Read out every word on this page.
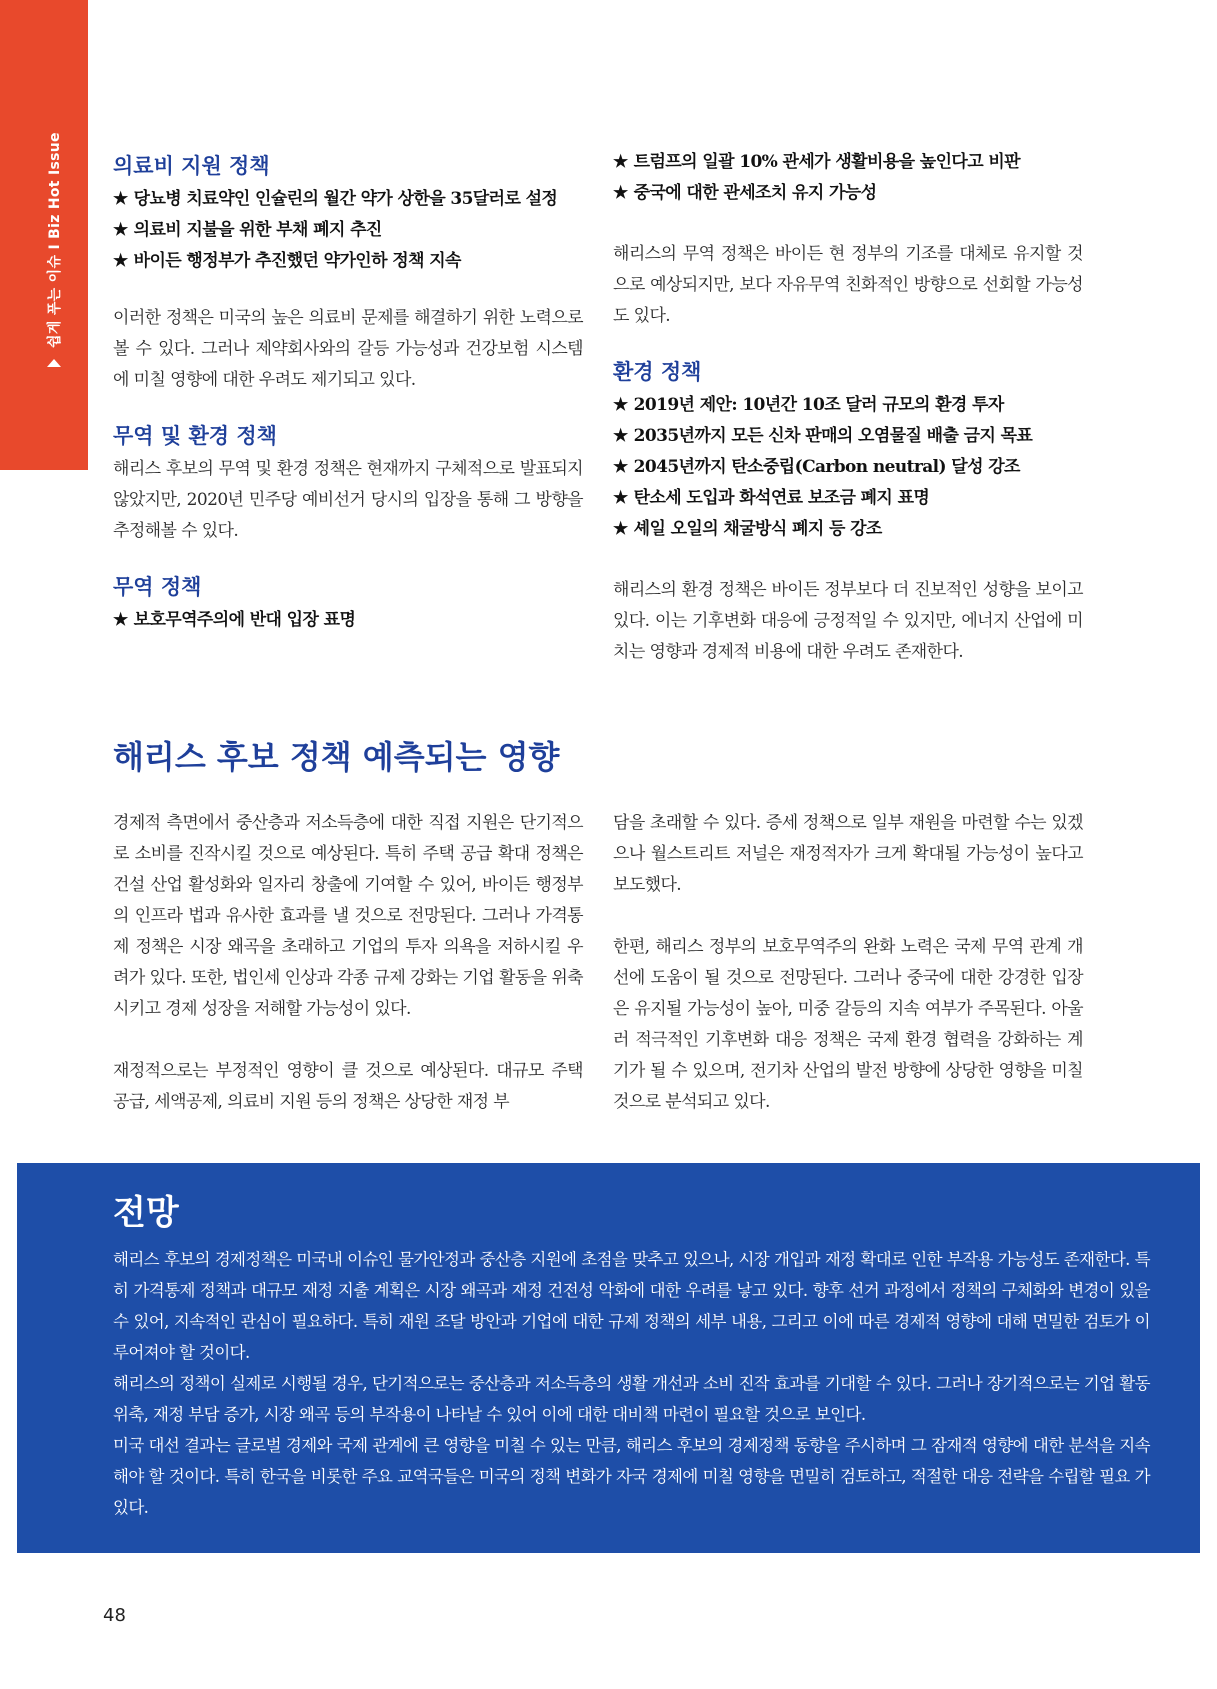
쉽게 푸는 이슈 I Biz Hot Issue 의료비 지원 정책
★ 당뇨병 치료약인 인슐린의 월간 약가 상한을 35달러로 설정
★ 의료비 지불을 위한 부채 폐지 추진
★ 바이든 행정부가 추진했던 약가인하 정책 지속

이러한 정책은 미국의 높은 의료비 문제를 해결하기 위한 노력으로 볼 수 있다. 그러나 제약회사와의 갈등 가능성과 건강보험 시스템에 미칠 영향에 대한 우려도 제기되고 있다.

무역 및 환경 정책

해리스 후보의 무역 및 환경 정책은 현재까지 구체적으로 발표되지 않았지만, 2020년 민주당 예비선거 당시의 입장을 통해 그 방향을 추정해볼 수 있다.

무역 정책
★ 보호무역주의에 반대 입장 표명
★ 트럼프의 일괄 10% 관세가 생활비용을 높인다고 비판
★ 중국에 대한 관세조치 유지 가능성

해리스의 무역 정책은 바이든 현 정부의 기조를 대체로 유지할 것으로 예상되지만, 보다 자유무역 친화적인 방향으로 선회할 가능성도 있다.

환경 정책
★ 2019년 제안: 10년간 10조 달러 규모의 환경 투자
★ 2035년까지 모든 신차 판매의 오염물질 배출 금지 목표
★ 2045년까지 탄소중립(Carbon neutral) 달성 강조
★ 탄소세 도입과 화석연료 보조금 폐지 표명
★ 셰일 오일의 채굴방식 폐지 등 강조

해리스의 환경 정책은 바이든 정부보다 더 진보적인 성향을 보이고 있다. 이는 기후변화 대응에 긍정적일 수 있지만, 에너지 산업에 미치는 영향과 경제적 비용에 대한 우려도 존재한다.

해리스 후보 정책 예측되는 영향

경제적 측면에서 중산층과 저소득층에 대한 직접 지원은 단기적으로 소비를 진작시킬 것으로 예상된다. 특히 주택 공급 확대 정책은 건설 산업 활성화와 일자리 창출에 기여할 수 있어, 바이든 행정부의 인프라 법과 유사한 효과를 낼 것으로 전망된다. 그러나 가격통제 정책은 시장 왜곡을 초래하고 기업의 투자 의욕을 저하시킬 우려가 있다. 또한, 법인세 인상과 각종 규제 강화는 기업 활동을 위축시키고 경제 성장을 저해할 가능성이 있다.

재정적으로는 부정적인 영향이 클 것으로 예상된다. 대규모 주택 공급, 세액공제, 의료비 지원 등의 정책은 상당한 재정 부

담을 초래할 수 있다. 증세 정책으로 일부 재원을 마련할 수는 있겠으나 월스트리트 저널은 재정적자가 크게 확대될 가능성이 높다고 보도했다.

한편, 해리스 정부의 보호무역주의 완화 노력은 국제 무역 관계 개선에 도움이 될 것으로 전망된다. 그러나 중국에 대한 강경한 입장은 유지될 가능성이 높아, 미중 갈등의 지속 여부가 주목된다. 아울러 적극적인 기후변화 대응 정책은 국제 환경 협력을 강화하는 계기가 될 수 있으며, 전기차 산업의 발전 방향에 상당한 영향을 미칠 것으로 분석되고 있다.

전망

해리스 후보의 경제정책은 미국내 이슈인 물가안정과 중산층 지원에 초점을 맞추고 있으나, 시장 개입과 재정 확대로 인한 부작용 가능성도 존재한다. 특히 가격통제 정책과 대규모 재정 지출 계획은 시장 왜곡과 재정 건전성 악화에 대한 우려를 낳고 있다. 향후 선거 과정에서 정책의 구체화와 변경이 있을 수 있어, 지속적인 관심이 필요하다. 특히 재원 조달 방안과 기업에 대한 규제 정책의 세부 내용, 그리고 이에 따른 경제적 영향에 대해 면밀한 검토가 이루어져야 할 것이다.

해리스의 정책이 실제로 시행될 경우, 단기적으로는 중산층과 저소득층의 생활 개선과 소비 진작 효과를 기대할 수 있다. 그러나 장기적으로는 기업 활동 위축, 재정 부담 증가, 시장 왜곡 등의 부작용이 나타날 수 있어 이에 대한 대비책 마련이 필요할 것으로 보인다.

미국 대선 결과는 글로벌 경제와 국제 관계에 큰 영향을 미칠 수 있는 만큼, 해리스 후보의 경제정책 동향을 주시하며 그 잠재적 영향에 대한 분석을 지속해야 할 것이다. 특히 한국을 비롯한 주요 교역국들은 미국의 정책 변화가 자국 경제에 미칠 영향을 면밀히 검토하고, 적절한 대응 전략을 수립할 필요 가 있다.

48
